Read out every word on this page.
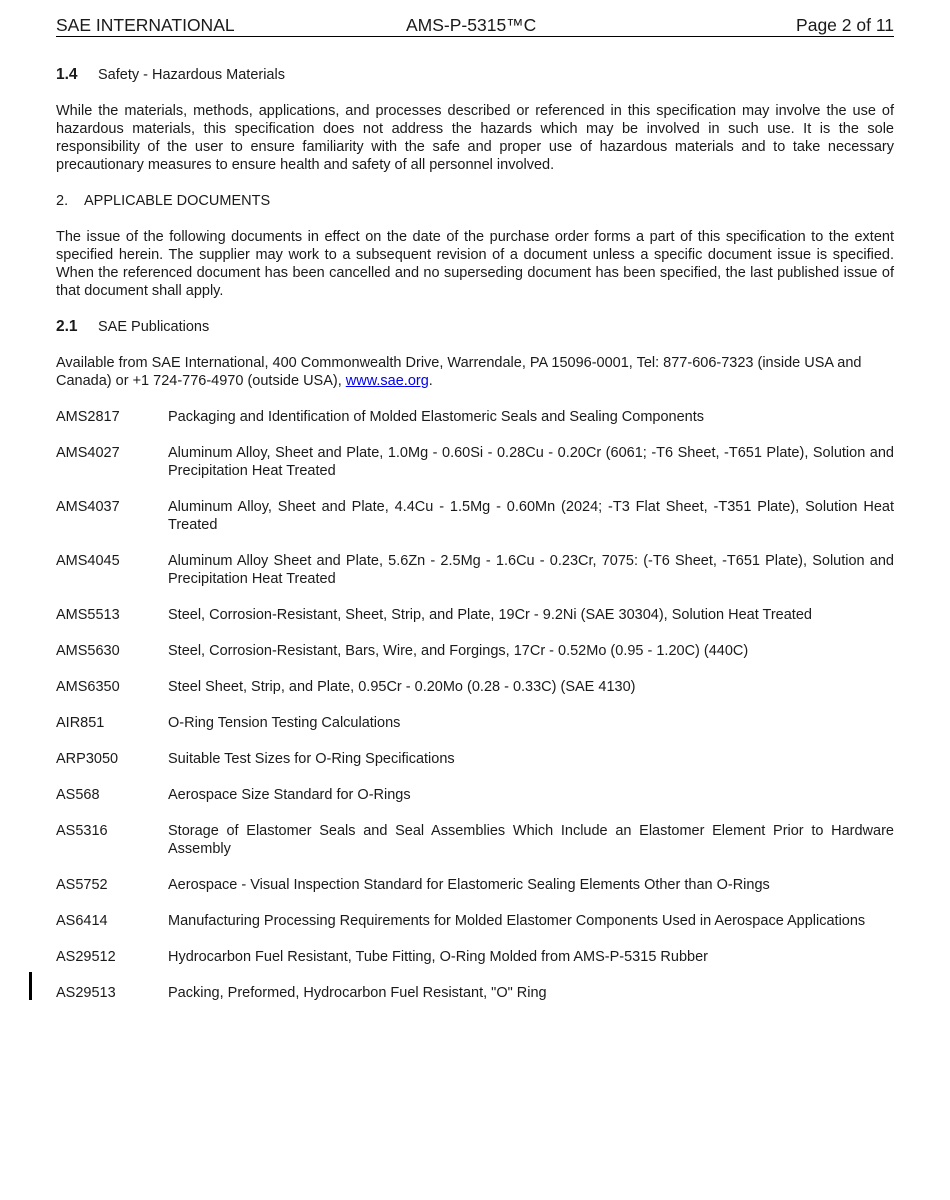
SAE INTERNATIONAL	AMS-P-5315™C	Page 2 of 11
1.4 Safety - Hazardous Materials

While the materials, methods, applications, and processes described or referenced in this specification may involve the use of hazardous materials, this specification does not address the hazards which may be involved in such use. It is the sole responsibility of the user to ensure familiarity with the safe and proper use of hazardous materials and to take necessary precautionary measures to ensure health and safety of all personnel involved.

2. APPLICABLE DOCUMENTS

The issue of the following documents in effect on the date of the purchase order forms a part of this specification to the extent specified herein. The supplier may work to a subsequent revision of a document unless a specific document issue is specified. When the referenced document has been cancelled and no superseding document has been specified, the last published issue of that document shall apply.

2.1 SAE Publications

Available from SAE International, 400 Commonwealth Drive, Warrendale, PA 15096-0001, Tel: 877-606-7323 (inside USA and Canada) or +1 724-776-4970 (outside USA), www.sae.org.

AMS2817	Packaging and Identification of Molded Elastomeric Seals and Sealing Components
AMS4027	Aluminum Alloy, Sheet and Plate, 1.0Mg - 0.60Si - 0.28Cu - 0.20Cr (6061; -T6 Sheet, -T651 Plate), Solution and Precipitation Heat Treated
AMS4037	Aluminum Alloy, Sheet and Plate, 4.4Cu - 1.5Mg - 0.60Mn (2024; -T3 Flat Sheet, -T351 Plate), Solution Heat Treated
AMS4045	Aluminum Alloy Sheet and Plate, 5.6Zn - 2.5Mg - 1.6Cu - 0.23Cr, 7075: (-T6 Sheet, -T651 Plate), Solution and Precipitation Heat Treated
AMS5513	Steel, Corrosion-Resistant, Sheet, Strip, and Plate, 19Cr - 9.2Ni (SAE 30304), Solution Heat Treated
AMS5630	Steel, Corrosion-Resistant, Bars, Wire, and Forgings, 17Cr - 0.52Mo (0.95 - 1.20C) (440C)
AMS6350	Steel Sheet, Strip, and Plate, 0.95Cr - 0.20Mo (0.28 - 0.33C) (SAE 4130)
AIR851	O-Ring Tension Testing Calculations
ARP3050	Suitable Test Sizes for O-Ring Specifications
AS568	Aerospace Size Standard for O-Rings
AS5316	Storage of Elastomer Seals and Seal Assemblies Which Include an Elastomer Element Prior to Hardware Assembly
AS5752	Aerospace - Visual Inspection Standard for Elastomeric Sealing Elements Other than O-Rings
AS6414	Manufacturing Processing Requirements for Molded Elastomer Components Used in Aerospace Applications
AS29512	Hydrocarbon Fuel Resistant, Tube Fitting, O-Ring Molded from AMS-P-5315 Rubber
AS29513	Packing, Preformed, Hydrocarbon Fuel Resistant, "O" Ring
